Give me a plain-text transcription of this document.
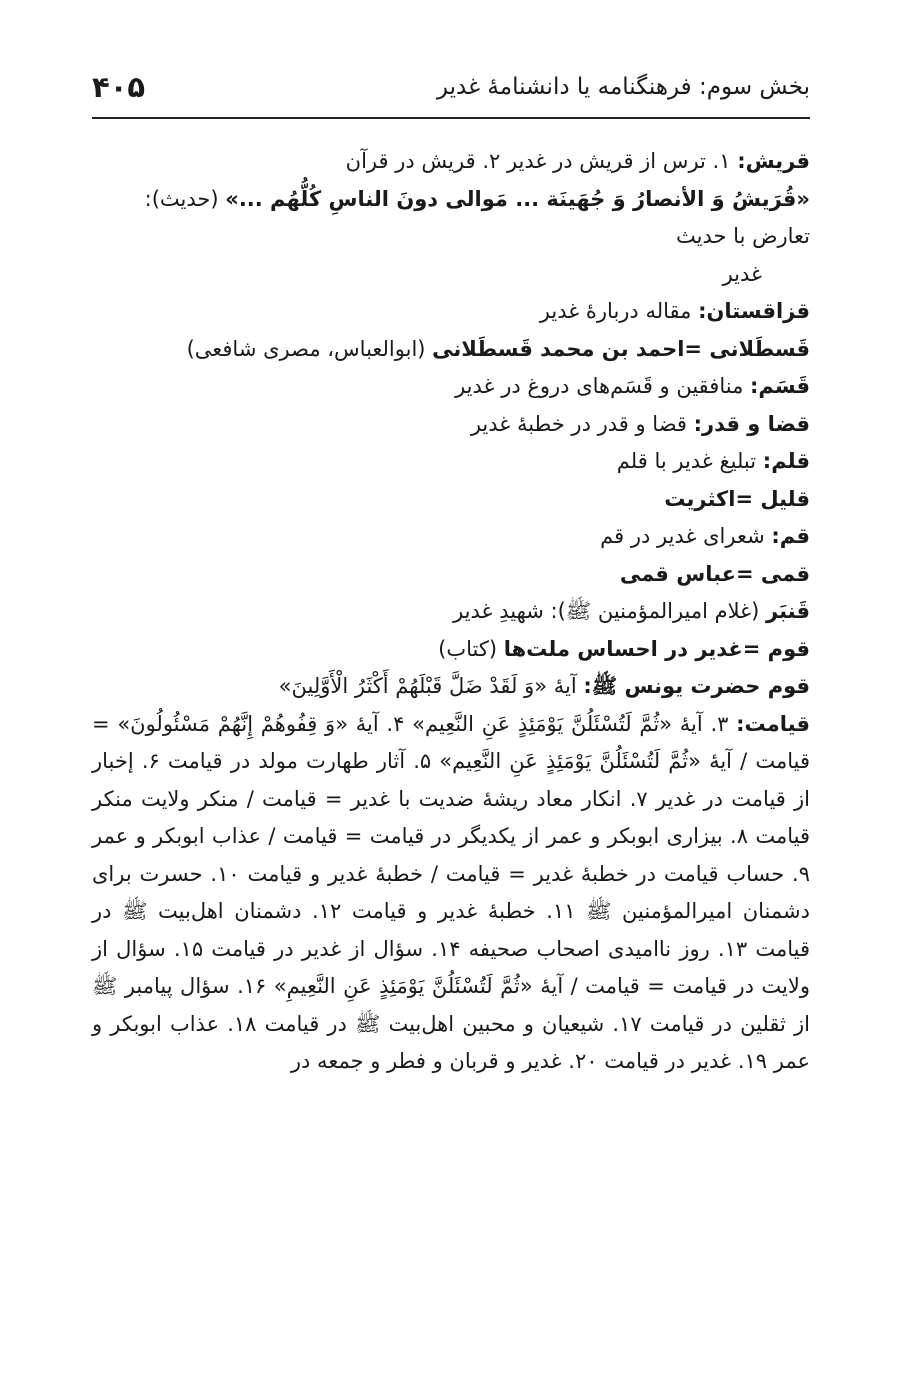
بخش سوم: فرهنگنامه یا دانشنامهٔ غدیر
۴۰۵

قریش: ۱. ترس از قریش در غدیر ۲. قریش در قرآن

«قُرَیشُ وَ الأنصارُ وَ جُهَینَة ... مَوالی دونَ الناسِ کُلُّهُم ...» (حدیث): تعارض با حدیث

غدیر

قزاقستان: مقاله دربارهٔ غدیر

قَسطَلانی =احمد بن محمد قَسطَلانی (ابوالعباس، مصری شافعی)

قَسَم: منافقین و قَسَم‌های دروغ در غدیر

قضا و قدر: قضا و قدر در خطبهٔ غدیر

قلم: تبلیغ غدیر با قلم

قلیل =اکثریت

قم: شعرای غدیر در قم

قمی =عباس قمی

قَنبَر (غلام امیرالمؤمنین ﷺ): شهیدِ غدیر

قوم =غدیر در احساس ملت‌ها (کتاب)

قوم حضرت یونس ﷺ: آیهٔ «وَ لَقَدْ ضَلَّ قَبْلَهُمْ أَکْثَرُ الْأَوَّلِینَ»

قیامت: ۳. آیهٔ «ثُمَّ لَتُسْئَلُنَّ یَوْمَئِذٍ عَنِ النَّعِیم» ۴. آیهٔ «وَ قِفُوهُمْ إِنَّهُمْ مَسْئُولُونَ» = قیامت / آیهٔ «ثُمَّ لَتُسْئَلُنَّ یَوْمَئِذٍ عَنِ النَّعِیم» ۵. آثار طهارت مولد در قیامت ۶. إخبار از قیامت در غدیر ۷. انکار معاد ریشهٔ ضدیت با غدیر = قیامت / منکر ولایت منکر قیامت ۸. بیزاری ابوبکر و عمر از یکدیگر در قیامت = قیامت / عذاب ابوبکر و عمر ۹. حساب قیامت در خطبهٔ غدیر = قیامت / خطبهٔ غدیر و قیامت ۱۰. حسرت برای دشمنان امیرالمؤمنین ﷺ ۱۱. خطبهٔ غدیر و قیامت ۱۲. دشمنان اهل‌بیت ﷺ در قیامت ۱۳. روز ناامیدی اصحاب صحیفه ۱۴. سؤال از غدیر در قیامت ۱۵. سؤال از ولایت در قیامت = قیامت / آیهٔ «ثُمَّ لَتُسْئَلُنَّ یَوْمَئِذٍ عَنِ النَّعِیمِ» ۱۶. سؤال پیامبر ﷺ از ثقلین در قیامت ۱۷. شیعیان و محبین اهل‌بیت ﷺ در قیامت ۱۸. عذاب ابوبکر و عمر ۱۹. غدیر در قیامت ۲۰. غدیر و قربان و فطر و جمعه در
